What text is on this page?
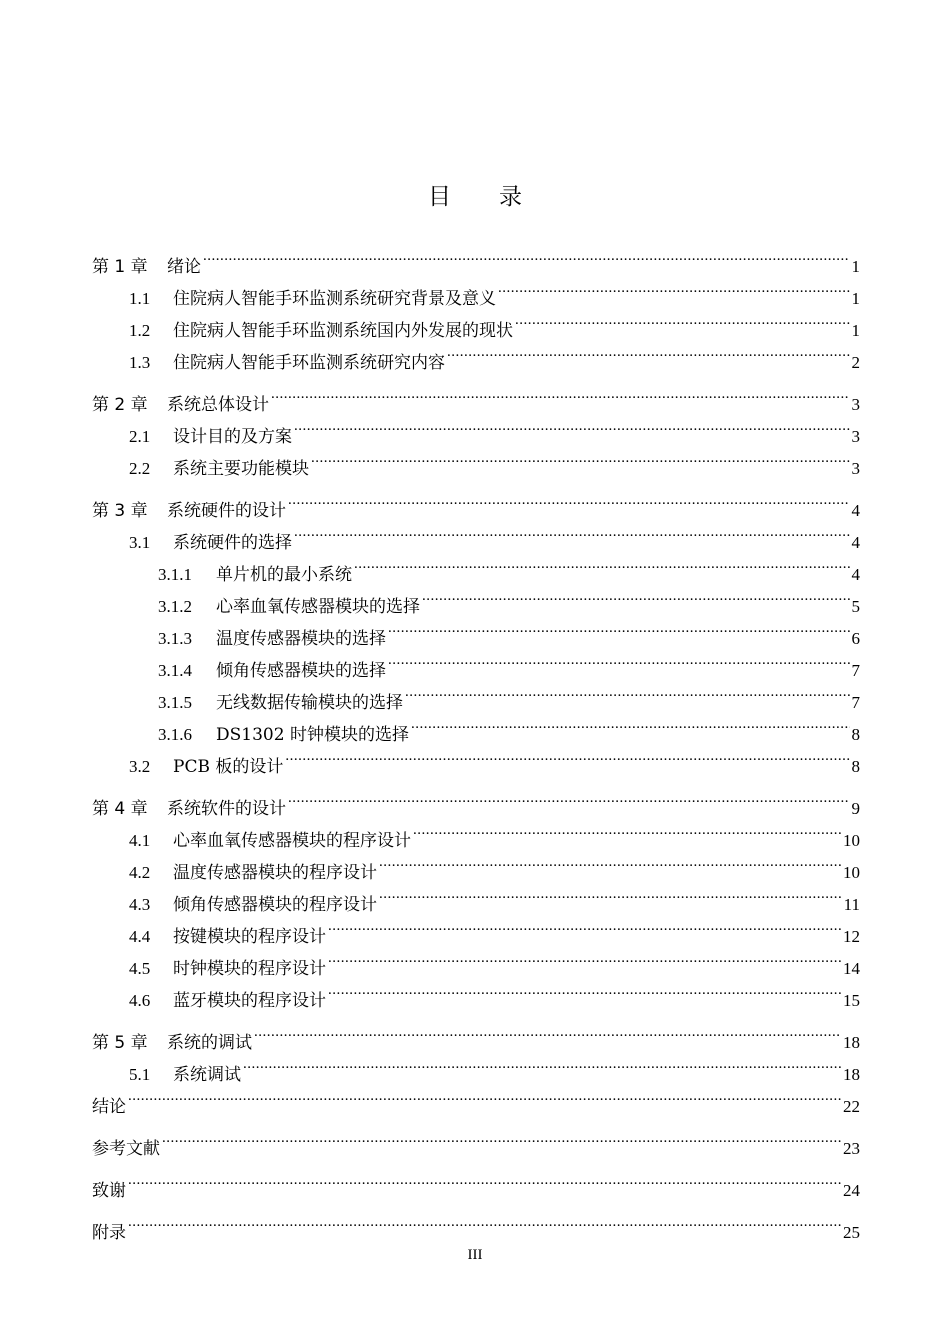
目 录
第 1 章	绪论 .....	1
1.1	住院病人智能手环监测系统研究背景及意义 .....	1
1.2	住院病人智能手环监测系统国内外发展的现状 .....	1
1.3	住院病人智能手环监测系统研究内容 .....	2
第 2 章	系统总体设计 .....	3
2.1	设计目的及方案 .....	3
2.2	系统主要功能模块 .....	3
第 3 章	系统硬件的设计 .....	4
3.1	系统硬件的选择 .....	4
3.1.1	单片机的最小系统 .....	4
3.1.2	心率血氧传感器模块的选择 .....	5
3.1.3	温度传感器模块的选择 .....	6
3.1.4	倾角传感器模块的选择 .....	7
3.1.5	无线数据传输模块的选择 .....	7
3.1.6	DS1302 时钟模块的选择 .....	8
3.2	PCB 板的设计 .....	8
第 4 章	系统软件的设计 .....	9
4.1	心率血氧传感器模块的程序设计 .....	10
4.2	温度传感器模块的程序设计 .....	10
4.3	倾角传感器模块的程序设计 .....	11
4.4	按键模块的程序设计 .....	12
4.5	时钟模块的程序设计 .....	14
4.6	蓝牙模块的程序设计 .....	15
第 5 章	系统的调试 .....	18
5.1	系统调试 .....	18
结论 .....	22
参考文献 .....	23
致谢 .....	24
附录 .....	25
III
